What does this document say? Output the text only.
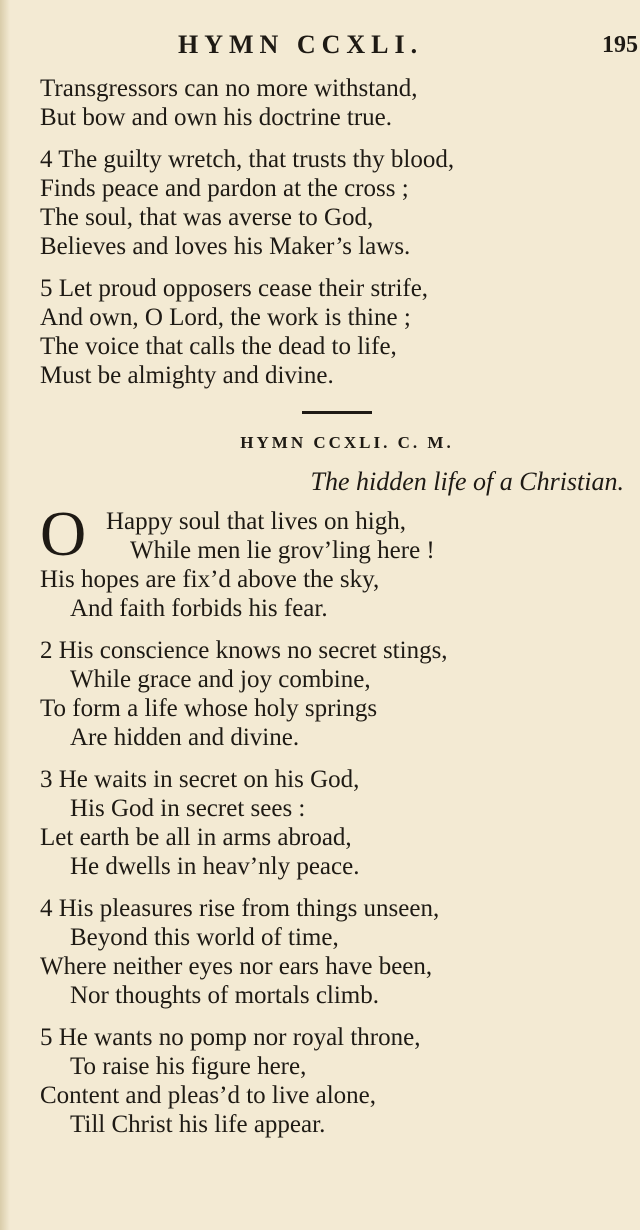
HYMN CCXLI.	195
Transgressors can no more withstand,
But bow and own his doctrine true.
4 The guilty wretch, that trusts thy blood,
Finds peace and pardon at the cross ;
The soul, that was averse to God,
Believes and loves his Maker’s laws.
5 Let proud opposers cease their strife,
And own, O Lord, the work is thine ;
The voice that calls the dead to life,
Must be almighty and divine.
HYMN CCXLI. C. M.
The hidden life of a Christian.
O Happy soul that lives on high,
While men lie grov’ling here !
His hopes are fix’d above the sky,
And faith forbids his fear.
2 His conscience knows no secret stings,
While grace and joy combine,
To form a life whose holy springs
Are hidden and divine.
3 He waits in secret on his God,
His God in secret sees :
Let earth be all in arms abroad,
He dwells in heav’nly peace.
4 His pleasures rise from things unseen,
Beyond this world of time,
Where neither eyes nor ears have been,
Nor thoughts of mortals climb.
5 He wants no pomp nor royal throne,
To raise his figure here,
Content and pleas’d to live alone,
Till Christ his life appear.
